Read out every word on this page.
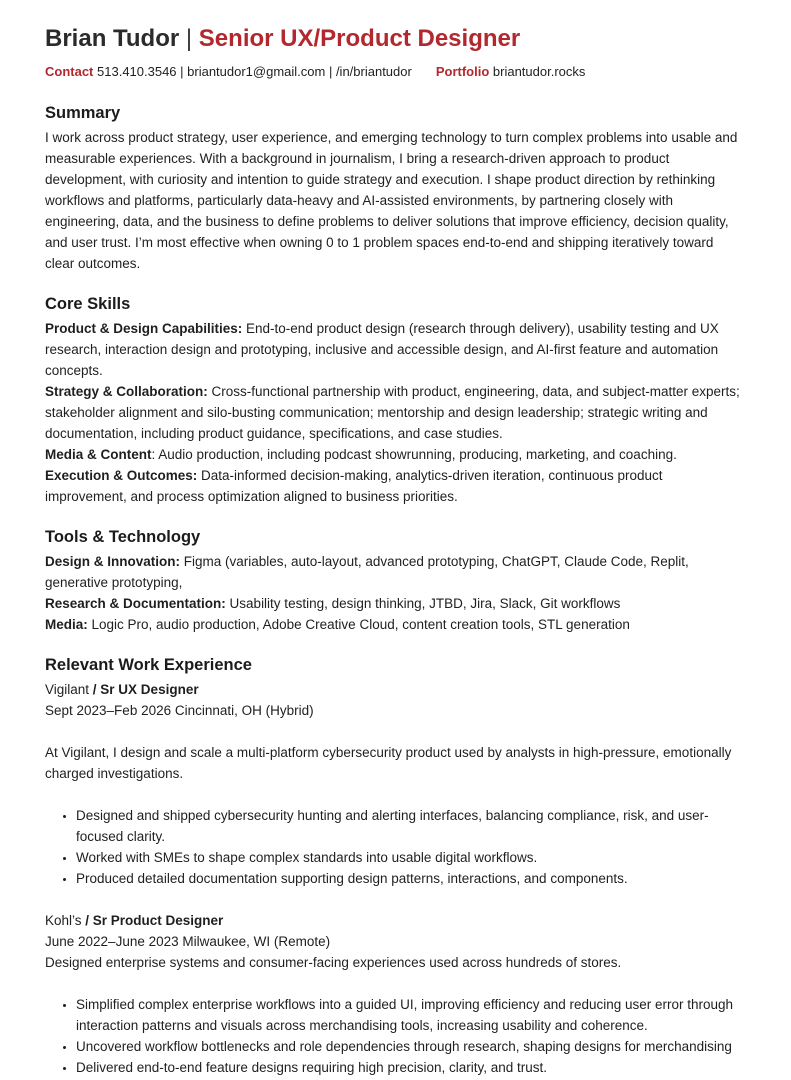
Brian Tudor | Senior UX/Product Designer

Contact 513.410.3546 | briantudor1@gmail.com | /in/briantudor Portfolio briantudor.rocks

Summary

I work across product strategy, user experience, and emerging technology to turn complex problems into usable and measurable experiences. With a background in journalism, I bring a research-driven approach to product development, with curiosity and intention to guide strategy and execution. I shape product direction by rethinking workflows and platforms, particularly data-heavy and AI-assisted environments, by partnering closely with engineering, data, and the business to define problems to deliver solutions that improve efficiency, decision quality, and user trust. I’m most effective when owning 0 to 1 problem spaces end-to-end and shipping iteratively toward clear outcomes.

Core Skills

Product & Design Capabilities: End-to-end product design (research through delivery), usability testing and UX research, interaction design and prototyping, inclusive and accessible design, and AI-first feature and automation concepts.

Strategy & Collaboration: Cross-functional partnership with product, engineering, data, and subject-matter experts; stakeholder alignment and silo-busting communication; mentorship and design leadership; strategic writing and documentation, including product guidance, specifications, and case studies.

Media & Content: Audio production, including podcast showrunning, producing, marketing, and coaching.

Execution & Outcomes: Data-informed decision-making, analytics-driven iteration, continuous product improvement, and process optimization aligned to business priorities.

Tools & Technology

Design & Innovation: Figma (variables, auto-layout, advanced prototyping, ChatGPT, Claude Code, Replit, generative prototyping,

Research & Documentation: Usability testing, design thinking, JTBD, Jira, Slack, Git workflows

Media: Logic Pro, audio production, Adobe Creative Cloud, content creation tools, STL generation

Relevant Work Experience

Vigilant / Sr UX Designer

Sept 2023–Feb 2026 Cincinnati, OH (Hybrid)

At Vigilant, I design and scale a multi-platform cybersecurity product used by analysts in high-pressure, emotionally charged investigations.

• Designed and shipped cybersecurity hunting and alerting interfaces, balancing compliance, risk, and user-focused clarity.
• Worked with SMEs to shape complex standards into usable digital workflows.
• Produced detailed documentation supporting design patterns, interactions, and components.

Kohl’s / Sr Product Designer

June 2022–June 2023 Milwaukee, WI (Remote)

Designed enterprise systems and consumer-facing experiences used across hundreds of stores.

• Simplified complex enterprise workflows into a guided UI, improving efficiency and reducing user error through interaction patterns and visuals across merchandising tools, increasing usability and coherence.
• Uncovered workflow bottlenecks and role dependencies through research, shaping designs for merchandising
• Delivered end-to-end feature designs requiring high precision, clarity, and trust.
